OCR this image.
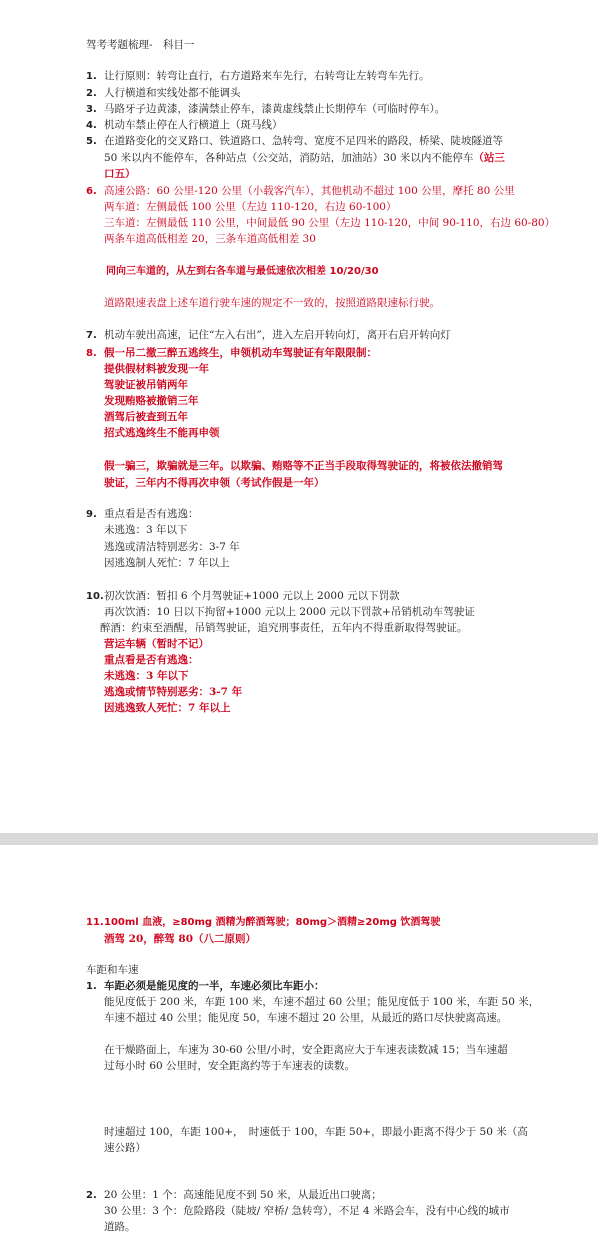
驾考考题梳理-　科目一
1. 让行原则：转弯让直行，右方道路来车先行，右转弯让左转弯车先行。
2. 人行横道和实线处都不能调头
3. 马路牙子边黄漆，漆满禁止停车，漆黄虚线禁止长期停车（可临时停车）。
4. 机动车禁止停在人行横道上（斑马线）
5. 在道路变化的交叉路口、铁道路口、急转弯、宽度不足四米的路段，桥梁、陡坡隧道等
50 米以内不能停车，各种站点（公交站，消防站，加油站）30 米以内不能停车（站三
口五）
6. 高速公路：60 公里-120 公里（小载客汽车），其他机动不超过 100 公里，摩托 80 公里
两车道：左侧最低 100 公里（左边 110-120，右边 60-100）
三车道：左侧最低 110 公里，中间最低 90 公里（左边 110-120，中间 90-110，右边 60-80）
两条车道高低相差 20，三条车道高低相差 30
同向三车道的，从左到右各车道与最低速依次相差 10/20/30
道路限速表盘上述车道行驶车速的规定不一致的，按照道路限速标行驶。
7. 机动车驶出高速，记住“左入右出”，进入左启开转向灯，离开右启开转向灯
8. 假一吊二撤三醉五逃终生，申领机动车驾驶证有年限限制：
提供假材料被发现一年
驾驶证被吊销两年
发现贿赂被撤销三年
酒驾后被查到五年
招式逃逸终生不能再申领
假一骗三，欺骗就是三年。以欺骗、贿赂等不正当手段取得驾驶证的，将被依法撤销驾
驶证，三年内不得再次申领（考试作假是一年）
9. 重点看是否有逃逸：
未逃逸：3 年以下
逃逸或清洁特别恶劣：3-7 年
因逃逸制人死忙：7 年以上
10. 初次饮酒：暂扣 6 个月驾驶证+1000 元以上 2000 元以下罚款
再次饮酒：10 日以下拘留+1000 元以上 2000 元以下罚款+吊销机动车驾驶证
醉酒：约束至酒醒，吊销驾驶证，追究刑事责任，五年内不得重新取得驾驶证。
营运车辆（暂时不记）
重点看是否有逃逸：
未逃逸：3 年以下
逃逸或情节特别恶劣：3-7 年
因逃逸致人死忙：7 年以上
11. 100ml 血液，≥80mg 酒精为醉酒驾驶；80mg＞酒精≥20mg 饮酒驾驶
酒驾 20，醉驾 80（八二原则）
车距和车速
1. 车距必须是能见度的一半，车速必须比车距小：
能见度低于 200 米，车距 100 米，车速不超过 60 公里；能见度低于 100 米，车距 50 米，
车速不超过 40 公里；能见度 50，车速不超过 20 公里，从最近的路口尽快驶离高速。
在干燥路面上，车速为 30-60 公里/小时，安全距离应大于车速表读数减 15；当车速超
过每小时 60 公里时，安全距离约等于车速表的读数。
时速超过 100，车距 100+，　时速低于 100，车距 50+，即最小距离不得少于 50 米（高
速公路）
2. 20 公里：1 个：高速能见度不到 50 米，从最近出口驶离；
30 公里：3 个：危险路段（陡坡/ 窄桥/ 急转弯），不足 4 米路会车，没有中心线的城市
道路。
